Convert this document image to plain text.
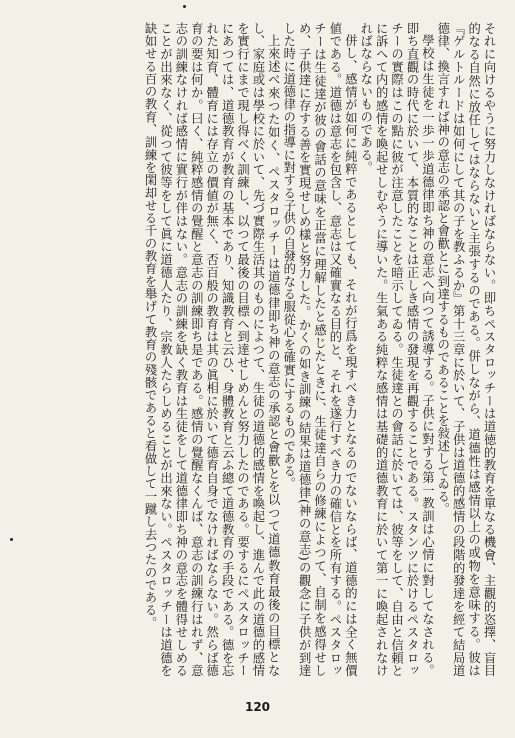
それに向けるやうに努力しなければならない。即ちペスタロッチーは道徳的教育を單なる機會、主觀的恣擇、盲目的なる自然に放任してはならないと主張するのである。併しながら、道德性は感情以上の或物を意味する。彼は『ゲルトルードは如何にして其の子を教ふるか』第十三章に於いて、子供は道德的感情の段階的發達を經て結局道德律、換言すれば神の意志の承認と會歡とに到達するものであることを敍述してゐる。

學校は生徒を一歩一歩道德律即ち神の意志へ向つて誘導する。子供に對する第一教訓は心情に對してなされる。即ち直觀の時代に於いて、本質的なことは正しき感情の發現を再觀することである。スタンツに於けるペスタロッチーの實際はこの點に彼が注意したことを暗示してゐる。生徒達との會話に於いては、彼等をして、自由と信頼とに訴へて内的感情を喚起せしむやうに導いた。生氣ある純粹な感情は基礎的道德教育に於いて第一に喚起されなければならないものである。

併し、感情が如何に純粹であるとしても、それが行爲を現すべき力となるのでないならば、道德的には全く無價値である。道德は意志を包含し、意志は又確實なる目的と、それを遂行すべき力の確信とを所有する。ペスタロッチーは生徒達が彼の會話の意味を正當に理解したと感じたときに、生徒達自らの修練によつて、自制を感得せしめ、子供達に存する善を實現せしめ樣と努力した。かくの如き訓練の結果は道德律(神の意志)の觀念に子供が到達した時に道德律の指導に對する子供の自發的なる服從心を確實にするものである。

上來述べ來つた如く、ペスタロッチーは道德律即ち神の意志の承認と會歡とを以つて道德教育最後の目標となし、家庭或は學校に於いて、先づ實際生活其のものによつて、生徒の道德的感情を喚起し、進んで此の道德的感情を實行にまで現し得べく訓練し、以つて最後の目標へ到達せしめんと努力したのである。要するにペスタロッチーにあつては、道德教育が教育の基本であり、知識教育と云ひ、身體教育と云ふ總て道德教育の手段である。德を忘れた知育、體育には存立の價値が無く、否百般の教育は其の眞相に於いて德育自身でなければならない。然らば德育の要は何か。曰く、純粹感情の覺醒と意志の訓練即ち是である。感情の覺醒なくんば、意志の訓練行はれず、意志の訓練なければ感情に實行が伴はない。意志の訓練を缺く教育は生徒をして道德律即ち神の意志を體得せしめることが出來なく、從つて彼等をして眞に道德人たり、宗教人たらしめることが出來ない。ペスタロッチーは道德を缺如せる百の教育、訓練を閑却せる千の教育を舉げて教育の殘骸であると看做して一蹴し去つたのである。

120
